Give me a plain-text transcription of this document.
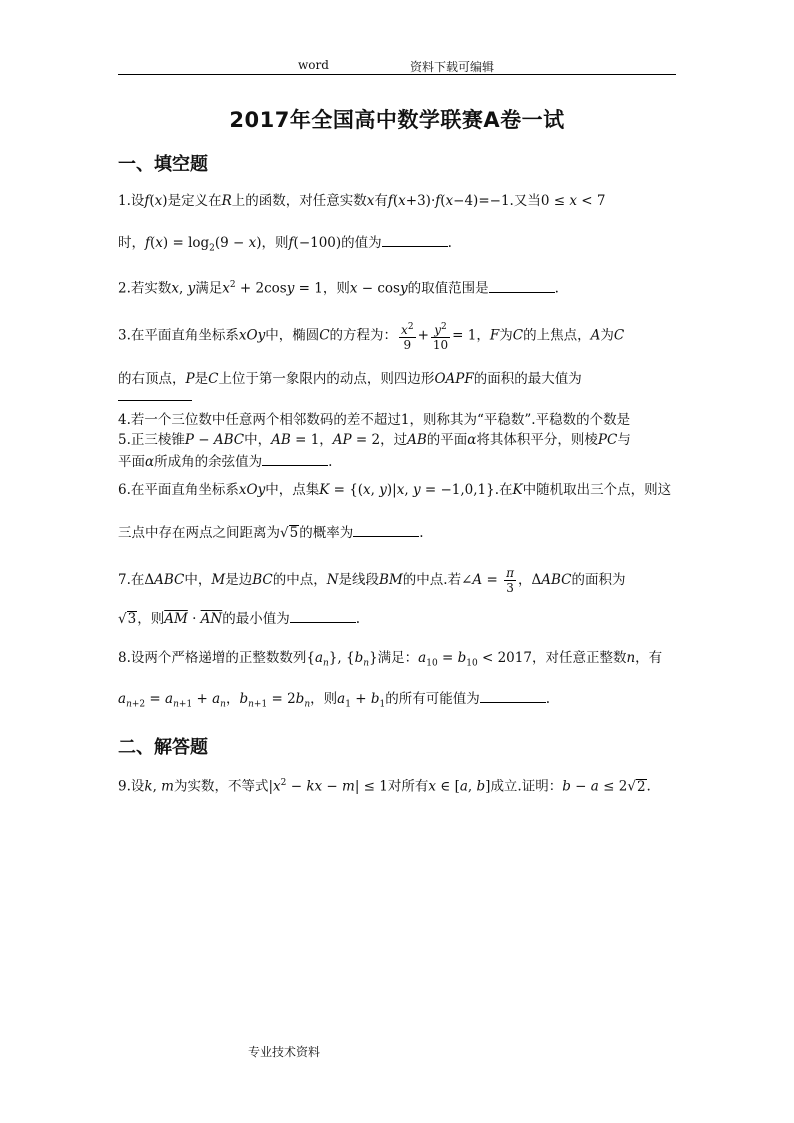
word	资料下载可编辑
2017年全国高中数学联赛A卷一试
一、填空题
1.设f(x)是定义在R上的函数，对任意实数x有f(x+3)·f(x−4)=−1.又当0 ≤ x < 7
时，$f(x) = \log_2(9 - x)$，则f(−100)的值为	.
2.若实数x, y满足$x^2 + 2\cos y = 1$，则x − cosy的取值范围是	.
3.在平面直角坐标系xOy中，椭圆C的方程为： $\frac{x^2}{9} + \frac{y^2}{10} = 1$，F为C的上焦点，A为C
的右顶点，P是C上位于第一象限内的动点，则四边形OAPF的面积的最大值为
4.若一个三位数中任意两个相邻数码的差不超过1，则称其为“平稳数”.平稳数的个数是
5.正三棱锥P − ABC中，AB = 1，AP = 2，过AB的平面α将其体积平分，则棱PC与
平面α所成角的余弦值为	.
6.在平面直角坐标系xOy中，点集K = {(x, y)|x, y = −1,0,1}.在K中随机取出三个点，则这
三点中存在两点之间距离为√5的概率为	.
7.在ΔABC中，M是边BC的中点，N是线段BM的中点.若∠A = $\frac{\pi}{3}$ ，ΔABC的面积为
√3，则$\overline{AM} \cdot \overline{AN}$的最小值为	.
8.设两个严格递增的正整数数列$\{a_n\}$, $\{b_n\}$满足：$a_{10} = b_{10} < 2017$，对任意正整数n，有
$a_{n+2} = a_{n+1} + a_n$，$b_{n+1} = 2b_n$，则$a_1 + b_1$的所有可能值为	.
二、解答题
9.设k, m为实数，不等式$|x^2$ − kx − m| ≤ 1对所有x ∈ [a, b]成立.证明：b − a ≤ 2√2.
专业技术资料
